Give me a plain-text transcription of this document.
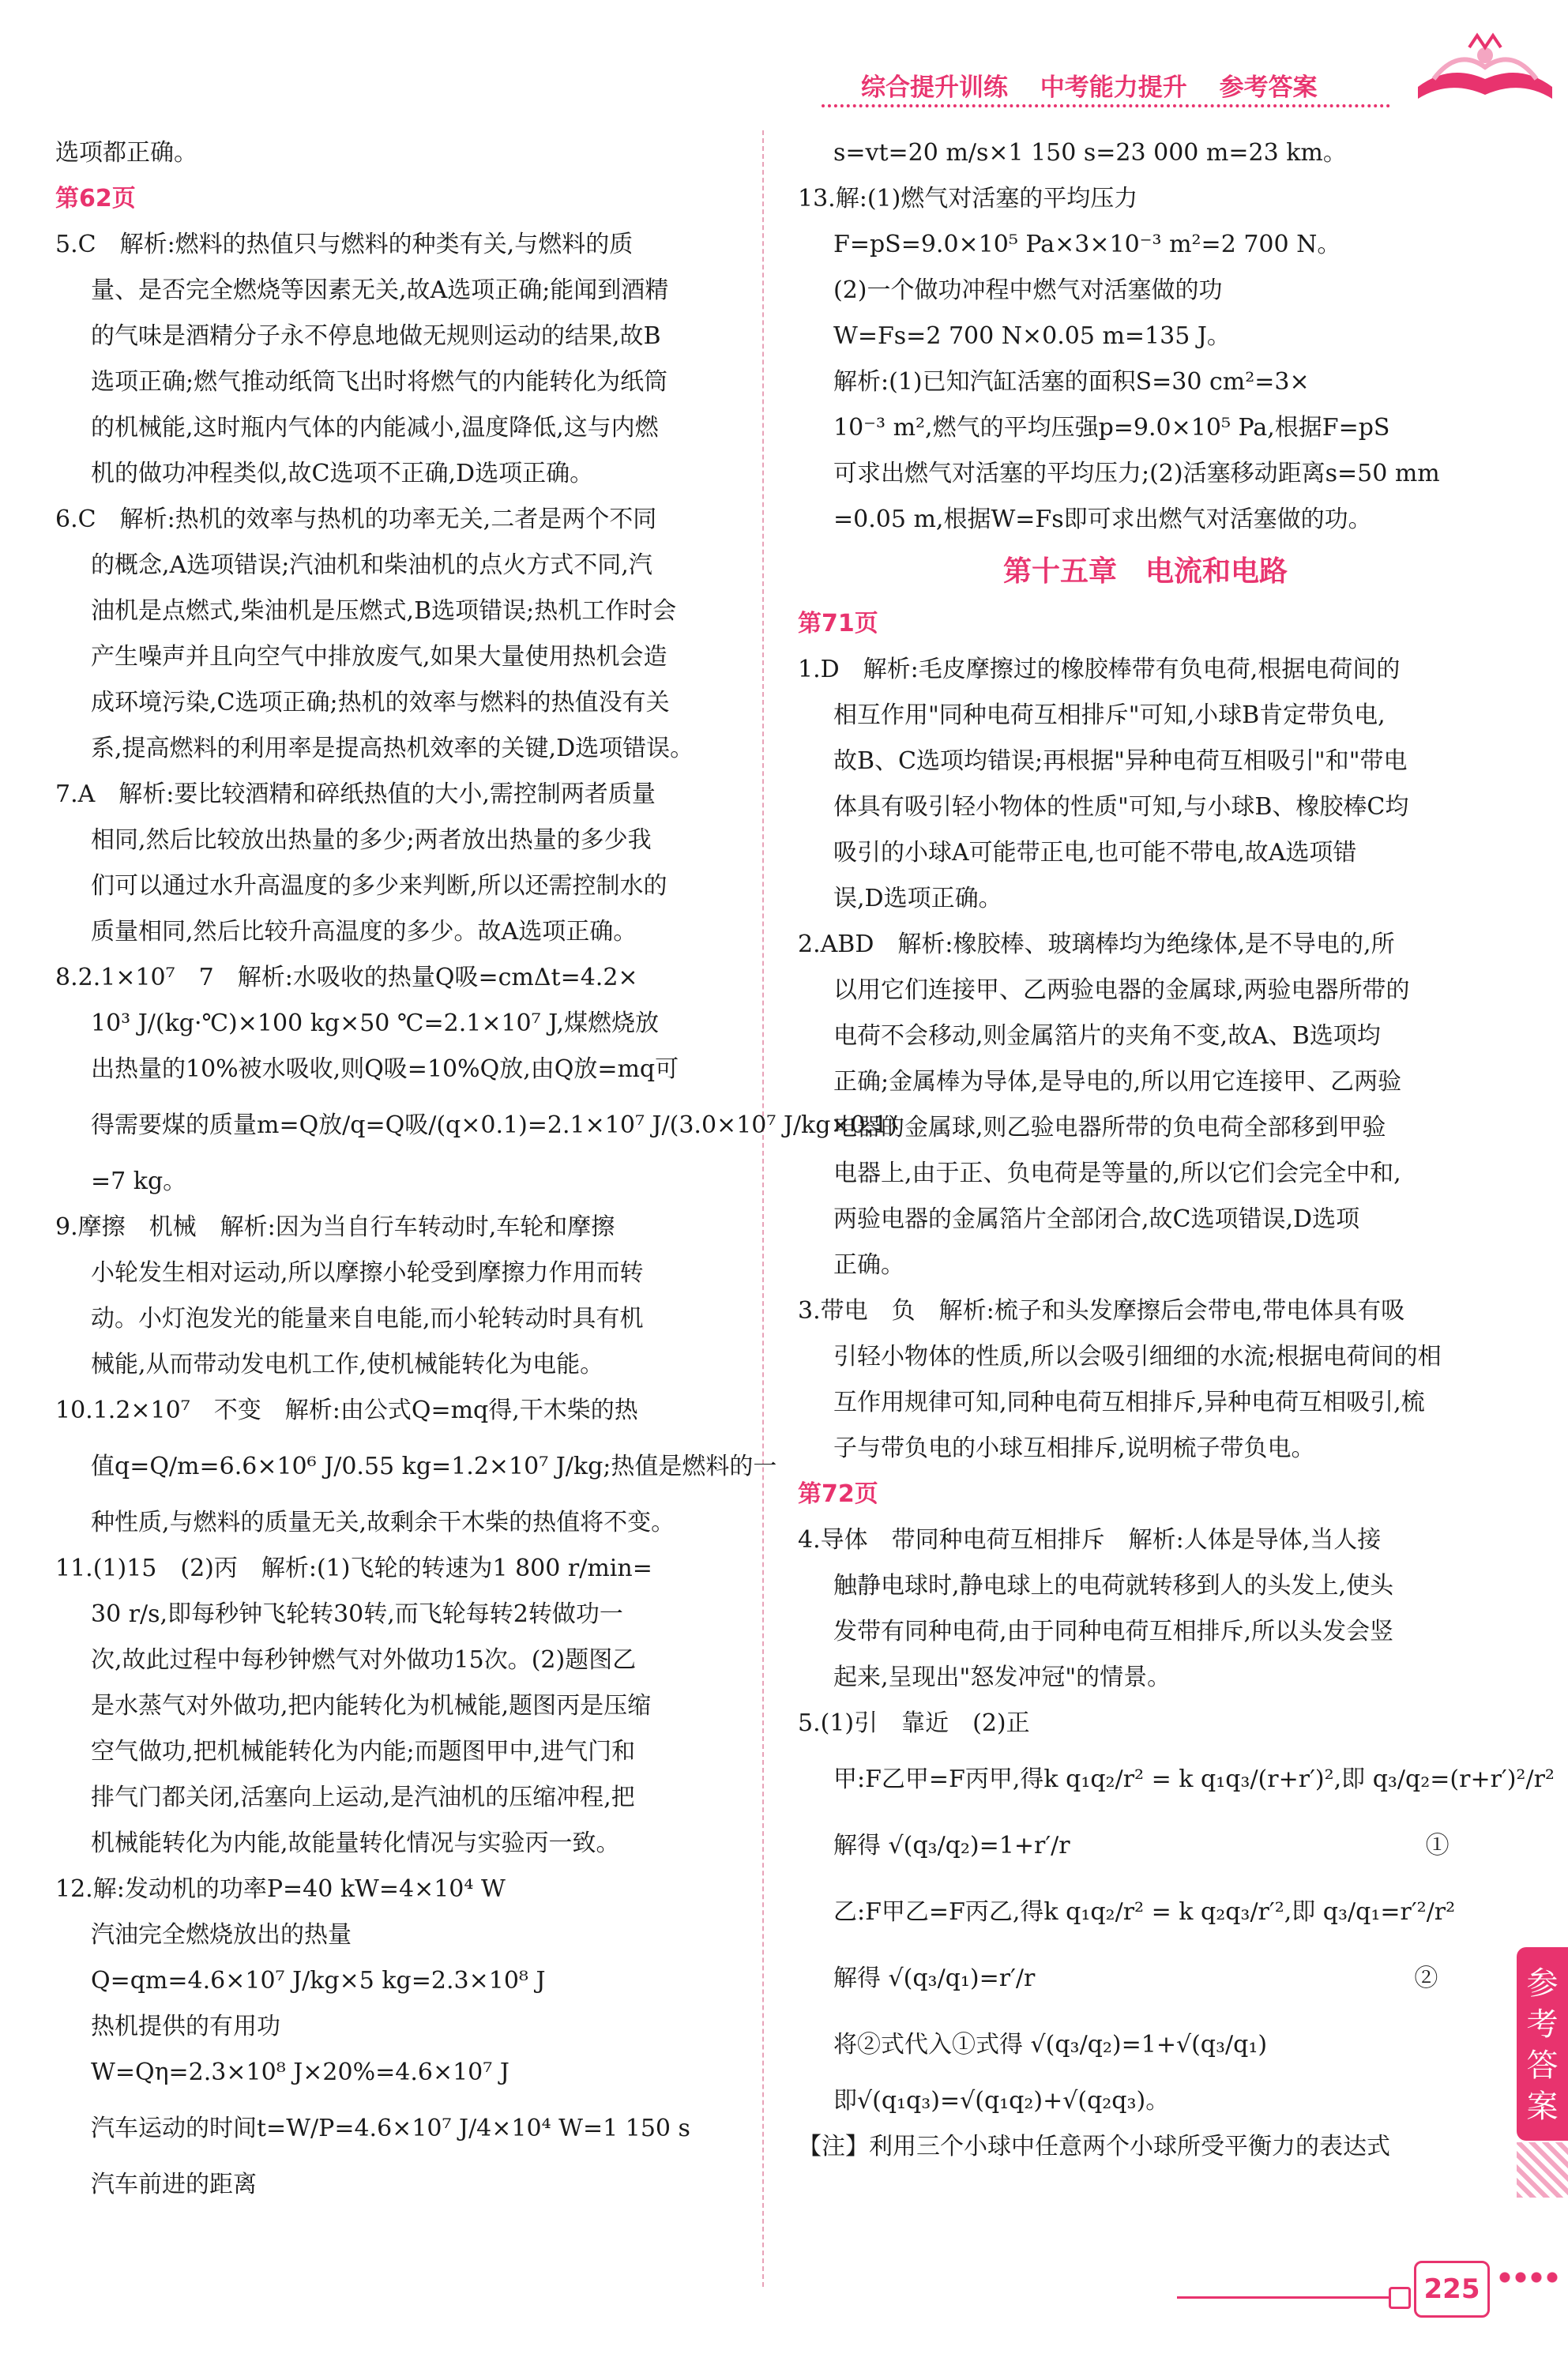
综合提升训练 中考能力提升 参考答案
选项都正确。
第62页
5.C　解析:燃料的热值只与燃料的种类有关,与燃料的质
量、是否完全燃烧等因素无关,故A选项正确;能闻到酒精
的气味是酒精分子永不停息地做无规则运动的结果,故B
选项正确;燃气推动纸筒飞出时将燃气的内能转化为纸筒
的机械能,这时瓶内气体的内能减小,温度降低,这与内燃
机的做功冲程类似,故C选项不正确,D选项正确。
6.C　解析:热机的效率与热机的功率无关,二者是两个不同
的概念,A选项错误;汽油机和柴油机的点火方式不同,汽
油机是点燃式,柴油机是压燃式,B选项错误;热机工作时会
产生噪声并且向空气中排放废气,如果大量使用热机会造
成环境污染,C选项正确;热机的效率与燃料的热值没有关
系,提高燃料的利用率是提高热机效率的关键,D选项错误。
7.A　解析:要比较酒精和碎纸热值的大小,需控制两者质量
相同,然后比较放出热量的多少;两者放出热量的多少我
们可以通过水升高温度的多少来判断,所以还需控制水的
质量相同,然后比较升高温度的多少。故A选项正确。
8.2.1×10⁷　7　解析:水吸收的热量Q吸=cmΔt=4.2×
10³ J/(kg·℃)×100 kg×50 ℃=2.1×10⁷ J,煤燃烧放
出热量的10%被水吸收,则Q吸=10%Q放,由Q放=mq可
得需要煤的质量m=Q放/q=Q吸/(q×0.1)=2.1×10⁷ J/(3.0×10⁷ J/kg×0.1)
=7 kg。
9.摩擦　机械　解析:因为当自行车转动时,车轮和摩擦
小轮发生相对运动,所以摩擦小轮受到摩擦力作用而转
动。小灯泡发光的能量来自电能,而小轮转动时具有机
械能,从而带动发电机工作,使机械能转化为电能。
10.1.2×10⁷　不变　解析:由公式Q=mq得,干木柴的热
值q=Q/m=6.6×10⁶ J/0.55 kg=1.2×10⁷ J/kg;热值是燃料的一
种性质,与燃料的质量无关,故剩余干木柴的热值将不变。
11.(1)15　(2)丙　解析:(1)飞轮的转速为1 800 r/min=
30 r/s,即每秒钟飞轮转30转,而飞轮每转2转做功一
次,故此过程中每秒钟燃气对外做功15次。(2)题图乙
是水蒸气对外做功,把内能转化为机械能,题图丙是压缩
空气做功,把机械能转化为内能;而题图甲中,进气门和
排气门都关闭,活塞向上运动,是汽油机的压缩冲程,把
机械能转化为内能,故能量转化情况与实验丙一致。
12.解:发动机的功率P=40 kW=4×10⁴ W
汽油完全燃烧放出的热量
Q=qm=4.6×10⁷ J/kg×5 kg=2.3×10⁸ J
热机提供的有用功
W=Qη=2.3×10⁸ J×20%=4.6×10⁷ J
汽车运动的时间t=W/P=4.6×10⁷ J/4×10⁴ W=1 150 s
汽车前进的距离
s=vt=20 m/s×1 150 s=23 000 m=23 km。
13.解:(1)燃气对活塞的平均压力
F=pS=9.0×10⁵ Pa×3×10⁻³ m²=2 700 N。
(2)一个做功冲程中燃气对活塞做的功
W=Fs=2 700 N×0.05 m=135 J。
解析:(1)已知汽缸活塞的面积S=30 cm²=3×
10⁻³ m²,燃气的平均压强p=9.0×10⁵ Pa,根据F=pS
可求出燃气对活塞的平均压力;(2)活塞移动距离s=50 mm
=0.05 m,根据W=Fs即可求出燃气对活塞做的功。
第十五章　电流和电路
第71页
1.D　解析:毛皮摩擦过的橡胶棒带有负电荷,根据电荷间的
相互作用"同种电荷互相排斥"可知,小球B肯定带负电,
故B、C选项均错误;再根据"异种电荷互相吸引"和"带电
体具有吸引轻小物体的性质"可知,与小球B、橡胶棒C均
吸引的小球A可能带正电,也可能不带电,故A选项错
误,D选项正确。
2.ABD　解析:橡胶棒、玻璃棒均为绝缘体,是不导电的,所
以用它们连接甲、乙两验电器的金属球,两验电器所带的
电荷不会移动,则金属箔片的夹角不变,故A、B选项均
正确;金属棒为导体,是导电的,所以用它连接甲、乙两验
电器的金属球,则乙验电器所带的负电荷全部移到甲验
电器上,由于正、负电荷是等量的,所以它们会完全中和,
两验电器的金属箔片全部闭合,故C选项错误,D选项
正确。
3.带电　负　解析:梳子和头发摩擦后会带电,带电体具有吸
引轻小物体的性质,所以会吸引细细的水流;根据电荷间的相
互作用规律可知,同种电荷互相排斥,异种电荷互相吸引,梳
子与带负电的小球互相排斥,说明梳子带负电。
第72页
4.导体　带同种电荷互相排斥　解析:人体是导体,当人接
触静电球时,静电球上的电荷就转移到人的头发上,使头
发带有同种电荷,由于同种电荷互相排斥,所以头发会竖
起来,呈现出"怒发冲冠"的情景。
5.(1)引　靠近　(2)正
甲:F乙甲=F丙甲,得k q₁q₂/r² = k q₁q₃/(r+r′)²,即 q₃/q₂=(r+r′)²/r²
解得 √(q₃/q₂)=1+r′/r　　　　　　　　　　　　　　　①
乙:F甲乙=F丙乙,得k q₁q₂/r² = k q₂q₃/r′²,即 q₃/q₁=r′²/r²
解得 √(q₃/q₁)=r′/r　　　　　　　　　　　　　　　　②
将②式代入①式得 √(q₃/q₂)=1+√(q₃/q₁)
即√(q₁q₃)=√(q₁q₂)+√(q₂q₃)。
【注】利用三个小球中任意两个小球所受平衡力的表达式
参考答案
225
